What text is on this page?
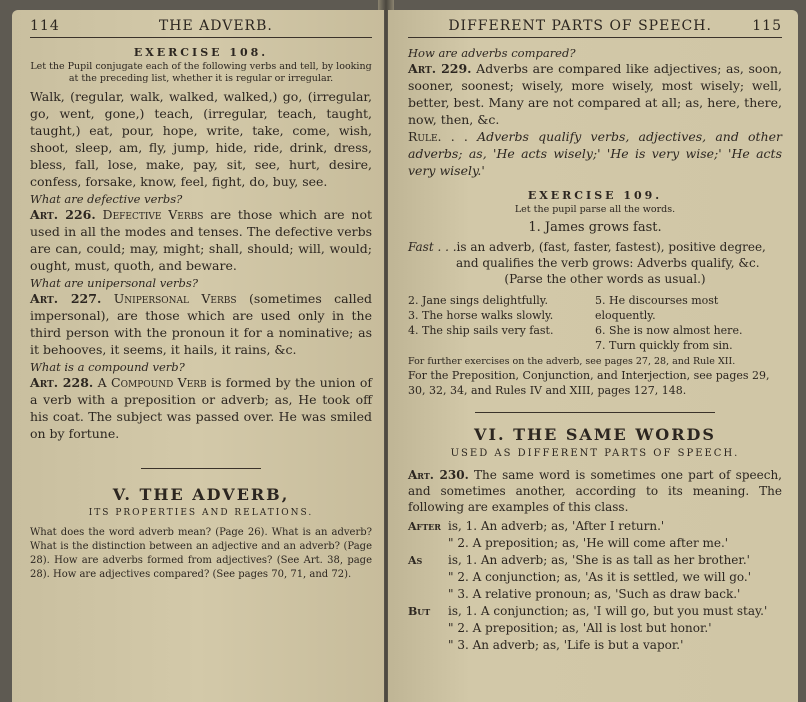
114	THE ADVERB.
EXERCISE 108.
Let the Pupil conjugate each of the following verbs and tell, by looking at the preceding list, whether it is regular or irregular.
Walk, (regular, walk, walked, walked,) go, (irregular, go, went, gone,) teach, (irregular, teach, taught, taught,) eat, pour, hope, write, take, come, wish, shoot, sleep, am, fly, jump, hide, ride, drink, dress, bless, fall, lose, make, pay, sit, see, hurt, desire, confess, forsake, know, feel, fight, do, buy, see.
What are defective verbs?
Art. 226. Defective Verbs are those which are not used in all the modes and tenses. The defective verbs are can, could; may, might; shall, should; will, would; ought, must, quoth, and beware.
What are unipersonal verbs?
Art. 227. Unipersonal Verbs (sometimes called impersonal), are those which are used only in the third person with the pronoun it for a nominative; as it behooves, it seems, it hails, it rains, &c.
What is a compound verb?
Art. 228. A Compound Verb is formed by the union of a verb with a preposition or adverb; as, He took off his coat. The subject was passed over. He was smiled on by fortune.
V. THE ADVERB,
ITS PROPERTIES AND RELATIONS.
What does the word adverb mean? (Page 26). What is an adverb? What is the distinction between an adjective and an adverb? (Page 28). How are adverbs formed from adjectives? (See Art. 38, page 28). How are adjectives compared? (See pages 70, 71, and 72).
DIFFERENT PARTS OF SPEECH.	115
How are adverbs compared?
Art. 229. Adverbs are compared like adjectives; as, soon, sooner, soonest; wisely, more wisely, most wisely; well, better, best. Many are not compared at all; as, here, there, now, then, &c.
Rule. . . Adverbs qualify verbs, adjectives, and other adverbs; as, 'He acts wisely;' 'He is very wise;' 'He acts very wisely.'
EXERCISE 109.
Let the pupil parse all the words.
1. James grows fast.
Fast . . . is an adverb, (fast, faster, fastest), positive degree, and qualifies the verb grows: Adverbs qualify, &c.
(Parse the other words as usual.)
2. Jane sings delightfully.
3. The horse walks slowly.
4. The ship sails very fast.
5. He discourses most eloquently.
6. She is now almost here.
7. Turn quickly from sin.
For further exercises on the adverb, see pages 27, 28, and Rule XII.
For the Preposition, Conjunction, and Interjection, see pages 29, 30, 32, 34, and Rules IV and XIII, pages 127, 148.
VI. THE SAME WORDS
USED AS DIFFERENT PARTS OF SPEECH.
Art. 230. The same word is sometimes one part of speech, and sometimes another, according to its meaning. The following are examples of this class.
After is, 1. An adverb; as, 'After I return.'
" 2. A preposition; as, 'He will come after me.'
As is, 1. An adverb; as, 'She is as tall as her brother.'
" 2. A conjunction; as, 'As it is settled, we will go.'
" 3. A relative pronoun; as, 'Such as draw back.'
But is, 1. A conjunction; as, 'I will go, but you must stay.'
" 2. A preposition; as, 'All is lost but honor.'
" 3. An adverb; as, 'Life is but a vapor.'
